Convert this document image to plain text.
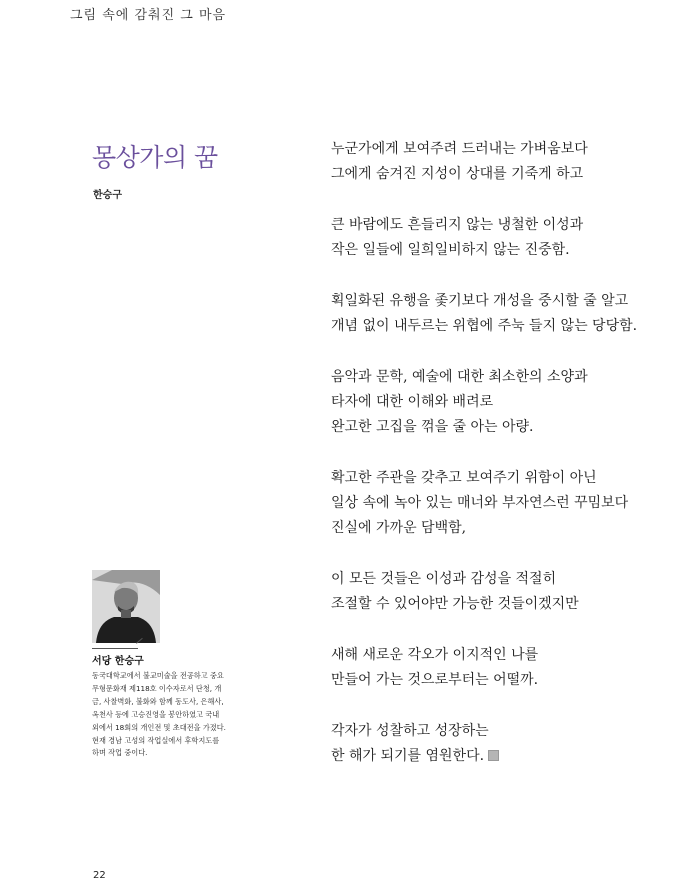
그림 속에 감춰진 그 마음
몽상가의 꿈
한승구
누군가에게 보여주려 드러내는 가벼움보다
그에게 숨겨진 지성이 상대를 기죽게 하고
큰 바람에도 흔들리지 않는 냉철한 이성과
작은 일들에 일희일비하지 않는 진중함.
획일화된 유행을 좇기보다 개성을 중시할 줄 알고
개념 없이 내두르는 위협에 주눅 들지 않는 당당함.
음악과 문학, 예술에 대한 최소한의 소양과
타자에 대한 이해와 배려로
완고한 고집을 꺾을 줄 아는 아량.
확고한 주관을 갖추고 보여주기 위함이 아닌
일상 속에 녹아 있는 매너와 부자연스런 꾸밈보다
진실에 가까운 담백함,
이 모든 것들은 이성과 감성을 적절히
조절할 수 있어야만 가능한 것들이겠지만
새해 새로운 각오가 이지적인 나를
만들어 가는 것으로부터는 어떨까.
각자가 성찰하고 성장하는
한 해가 되기를 염원한다.
서당 한승구
동국대학교에서 불교미술을 전공하고 중요
무형문화재 제118호 이수자로서 단청, 개
금, 사찰벽화, 불화와 함께 동도사, 은해사,
옥천사 등에 고승진영을 봉안하였고 국내
외에서 18회의 개인전 및 초대전을 가졌다.
현재 경남 고성의 작업실에서 후학지도를
하며 작업 중이다.
22
